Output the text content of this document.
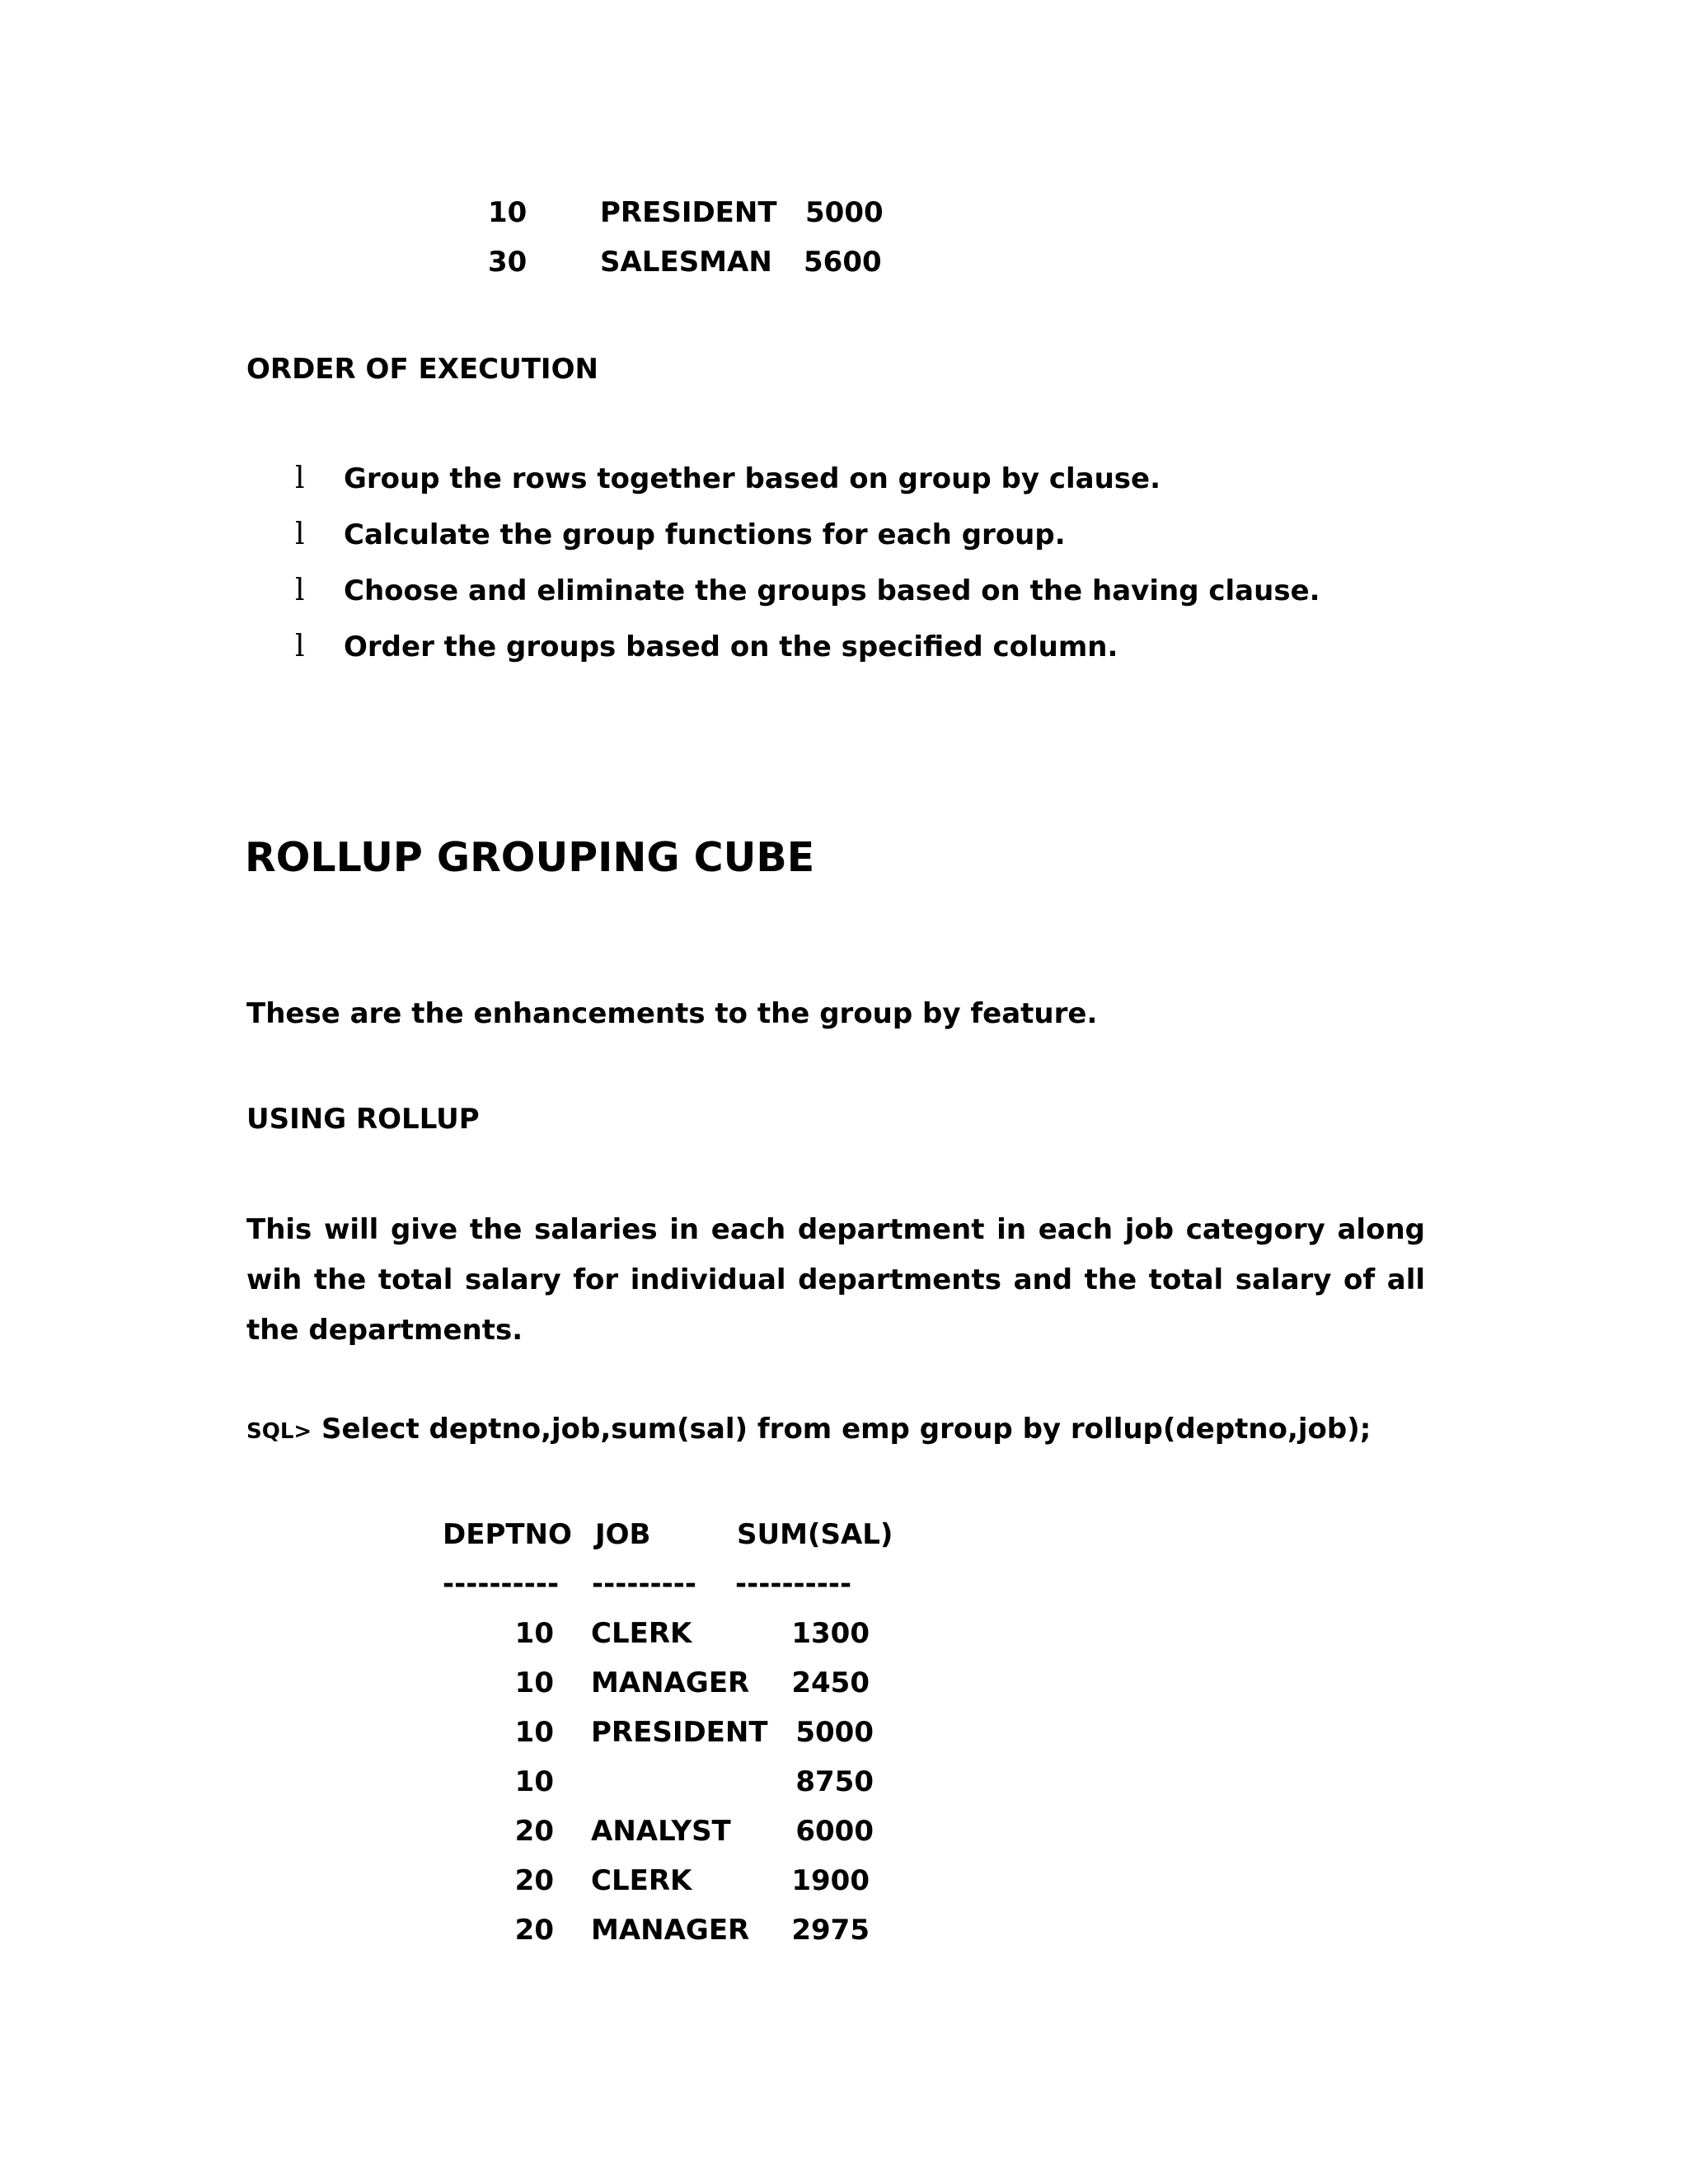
10	PRESIDENT 5000
30	SALESMAN 5600
ORDER OF EXECUTION
l Group the rows together based on group by clause.
l Calculate the group functions for each group.
l Choose and eliminate the groups based on the having clause.
l Order the groups based on the specified column.
ROLLUP GROUPING CUBE
These are the enhancements to the group by feature.
USING ROLLUP
This will give the salaries in each department in each job category along wih the total salary for individual departments and the total salary of all the departments.
SQL> Select deptno,job,sum(sal) from emp group by rollup(deptno,job);
DEPTNO JOB	SUM(SAL)
---------- --------- ----------
10 CLERK	1300
10 MANAGER	2450
10 PRESIDENT 5000
10	8750
20 ANALYST	6000
20 CLERK	1900
20 MANAGER	2975
